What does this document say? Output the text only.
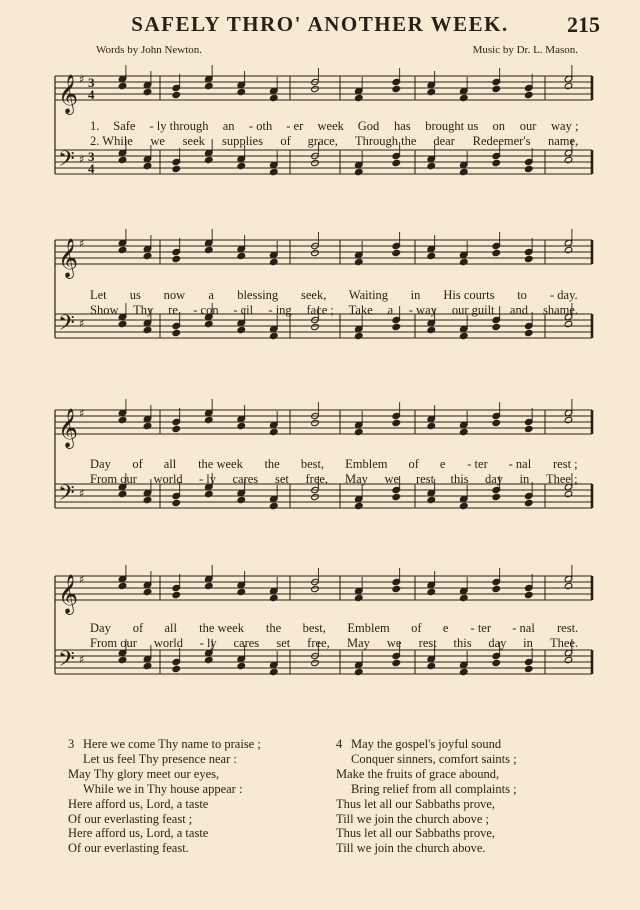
SAFELY THRO' ANOTHER WEEK.	215
Words by John Newton.	Music by Dr. L. Mason.
𝄞 ♯ 3
4
𝄢 ♯ 3
4
1. Safe - ly through an - oth - er week God has brought us on our way ;
2. While we seek supplies of grace, Through the dear Redeemer's name,
𝄞 ♯
𝄢 ♯
Let us now a blessing seek, Waiting in His courts to - day.
Show Thy re - con - cil - ing face ; Take a - way our guilt and shame.
𝄞 ♯
𝄢 ♯
Day of all the week the best, Emblem of e - ter - nal rest ;
From our world - ly cares set free, May we rest this day in Thee ;
𝄞 ♯
𝄢 ♯
Day of all the week the best, Emblem of e - ter - nal rest.
From our world - ly cares set free, May we rest this day in Thee.
3 Here we come Thy name to praise ;
Let us feel Thy presence near :
May Thy glory meet our eyes,
While we in Thy house appear :
Here afford us, Lord, a taste
Of our everlasting feast ;
Here afford us, Lord, a taste
Of our everlasting feast.
4 May the gospel's joyful sound
Conquer sinners, comfort saints ;
Make the fruits of grace abound,
Bring relief from all complaints ;
Thus let all our Sabbaths prove,
Till we join the church above ;
Thus let all our Sabbaths prove,
Till we join the church above.
